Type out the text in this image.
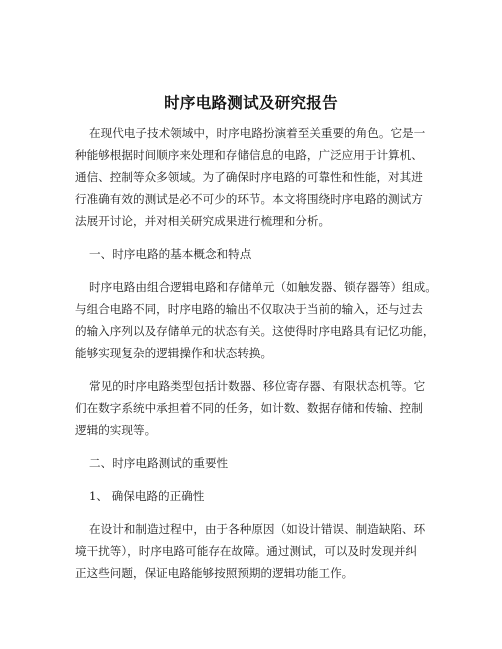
时序电路测试及研究报告
在现代电子技术领域中，时序电路扮演着至关重要的角色。它是一
种能够根据时间顺序来处理和存储信息的电路，广泛应用于计算机、
通信、控制等众多领域。为了确保时序电路的可靠性和性能，对其进
行准确有效的测试是必不可少的环节。本文将围绕时序电路的测试方
法展开讨论，并对相关研究成果进行梳理和分析。
一、时序电路的基本概念和特点
时序电路由组合逻辑电路和存储单元（如触发器、锁存器等）组成。
与组合电路不同，时序电路的输出不仅取决于当前的输入，还与过去
的输入序列以及存储单元的状态有关。这使得时序电路具有记忆功能，
能够实现复杂的逻辑操作和状态转换。
常见的时序电路类型包括计数器、移位寄存器、有限状态机等。它
们在数字系统中承担着不同的任务，如计数、数据存储和传输、控制
逻辑的实现等。
二、时序电路测试的重要性
1、 确保电路的正确性
在设计和制造过程中，由于各种原因（如设计错误、制造缺陷、环
境干扰等），时序电路可能存在故障。通过测试，可以及时发现并纠
正这些问题，保证电路能够按照预期的逻辑功能工作。
